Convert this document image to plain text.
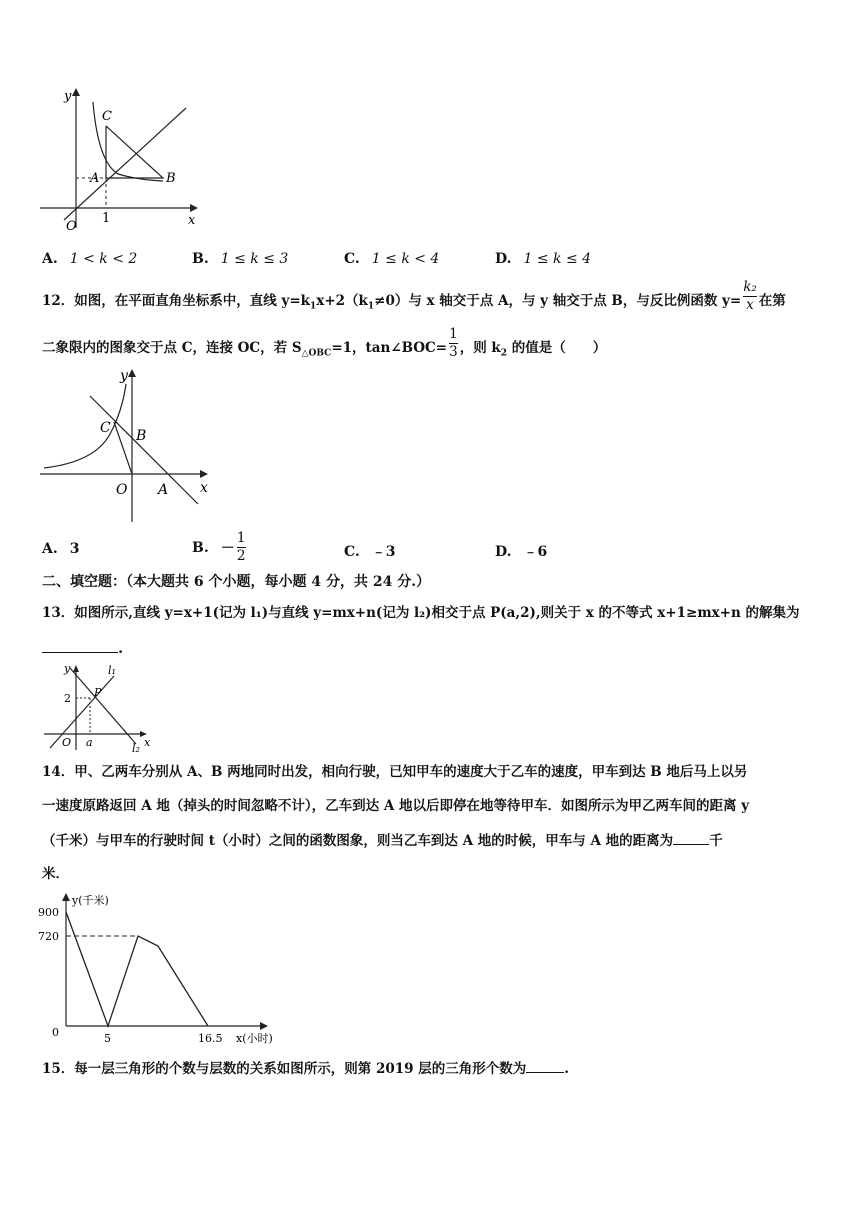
y
x
O
C
A	B
1
A. 1 < k < 2	B. 1 ≤ k ≤ 3	C. 1 ≤ k < 4	D. 1 ≤ k ≤ 4
12．如图，在平面直角坐标系中，直线 $y=k_1x+2(k_1\ne 0)$与 x 轴交于点 A，与 y 轴交于点 B，与反比例函数 $y= \frac{\text{k₂}}{x}$ 在第
二象限内的图象交于点 C，连接 OC，若 $S_{\triangle OBC}=1$，tan∠BOC= $\frac{1}{3}$ ，则 $k_2$ 的值是（　　）
y
x
O
C B
A
A. 3	B. － $\frac{1}{2}$	C. ﹣3	D. ﹣6
二、填空题：（本大题共 6 个小题，每小题 4 分，共 24 分.）
13．如图所示,直线 y=x+1(记为 l₁)与直线 y=mx+n(记为 l₂)相交于点 P(a,2),则关于 x 的不等式 x+1≥mx+n 的解集为
.
y
x
O
2 P
a
l₁
l₂
14．甲、乙两车分别从 A、B 两地同时出发，相向行驶，已知甲车的速度大于乙车的速度，甲车到达 B 地后马上以另
一速度原路返回 A 地（掉头的时间忽略不计），乙车到达 A 地以后即停在地等待甲车．如图所示为甲乙两车间的距离 y
（千米）与甲车的行驶时间 t（小时）之间的函数图象，则当乙车到达 A 地的时候，甲车与 A 地的距离为	千
米．
y(千米)
x(小时)
900
720
0	5	16.5
15．每一层三角形的个数与层数的关系如图所示，则第 2019 层的三角形个数为	.
